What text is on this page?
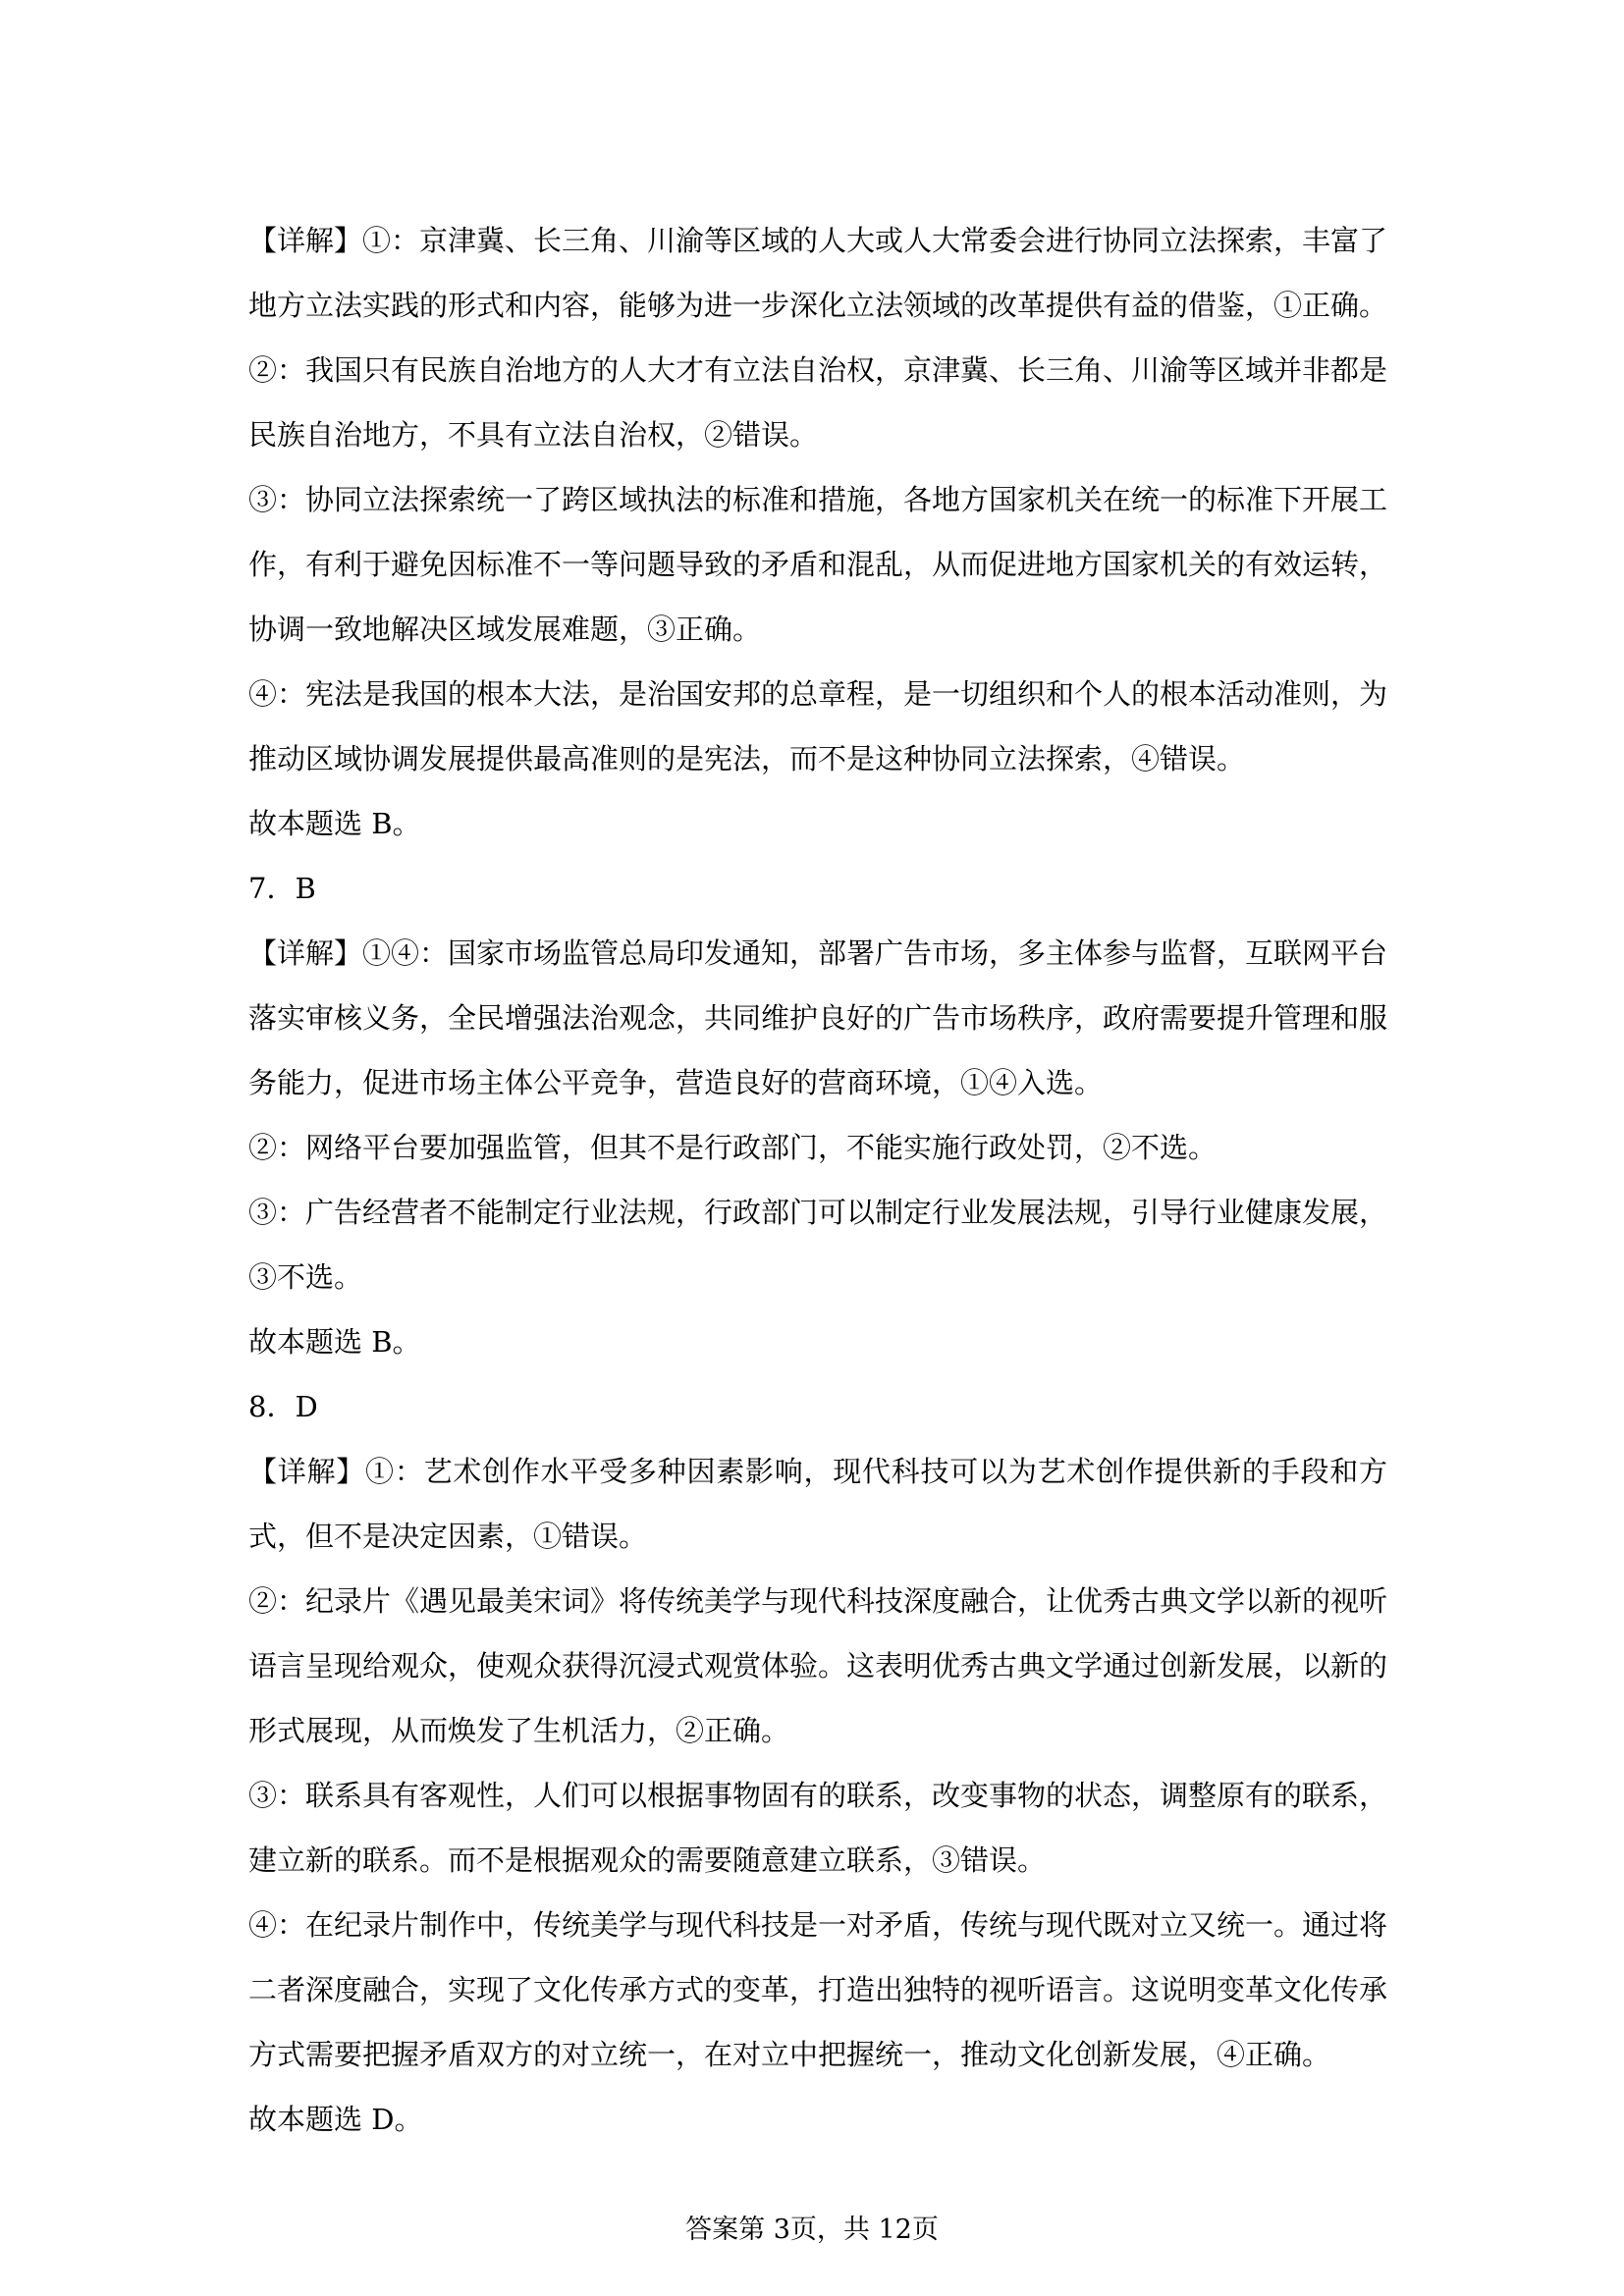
【详解】①：京津冀、长三角、川渝等区域的人大或人大常委会进行协同立法探索，丰富了地方立法实践的形式和内容，能够为进一步深化立法领域的改革提供有益的借鉴，①正确。

②：我国只有民族自治地方的人大才有立法自治权，京津冀、长三角、川渝等区域并非都是民族自治地方，不具有立法自治权，②错误。

③：协同立法探索统一了跨区域执法的标准和措施，各地方国家机关在统一的标准下开展工作，有利于避免因标准不一等问题导致的矛盾和混乱，从而促进地方国家机关的有效运转，协调一致地解决区域发展难题，③正确。

④：宪法是我国的根本大法，是治国安邦的总章程，是一切组织和个人的根本活动准则，为推动区域协调发展提供最高准则的是宪法，而不是这种协同立法探索，④错误。

故本题选 B。

7．B

【详解】①④：国家市场监管总局印发通知，部署广告市场，多主体参与监督，互联网平台落实审核义务，全民增强法治观念，共同维护良好的广告市场秩序，政府需要提升管理和服务能力，促进市场主体公平竞争，营造良好的营商环境，①④入选。

②：网络平台要加强监管，但其不是行政部门，不能实施行政处罚，②不选。

③：广告经营者不能制定行业法规，行政部门可以制定行业发展法规，引导行业健康发展，③不选。

故本题选 B。

8．D

【详解】①：艺术创作水平受多种因素影响，现代科技可以为艺术创作提供新的手段和方式，但不是决定因素，①错误。

②：纪录片《遇见最美宋词》将传统美学与现代科技深度融合，让优秀古典文学以新的视听语言呈现给观众，使观众获得沉浸式观赏体验。这表明优秀古典文学通过创新发展，以新的形式展现，从而焕发了生机活力，②正确。

③：联系具有客观性，人们可以根据事物固有的联系，改变事物的状态，调整原有的联系，建立新的联系。而不是根据观众的需要随意建立联系，③错误。

④：在纪录片制作中，传统美学与现代科技是一对矛盾，传统与现代既对立又统一。通过将二者深度融合，实现了文化传承方式的变革，打造出独特的视听语言。这说明变革文化传承方式需要把握矛盾双方的对立统一，在对立中把握统一，推动文化创新发展，④正确。

故本题选 D。

答案第 3页，共 12页
